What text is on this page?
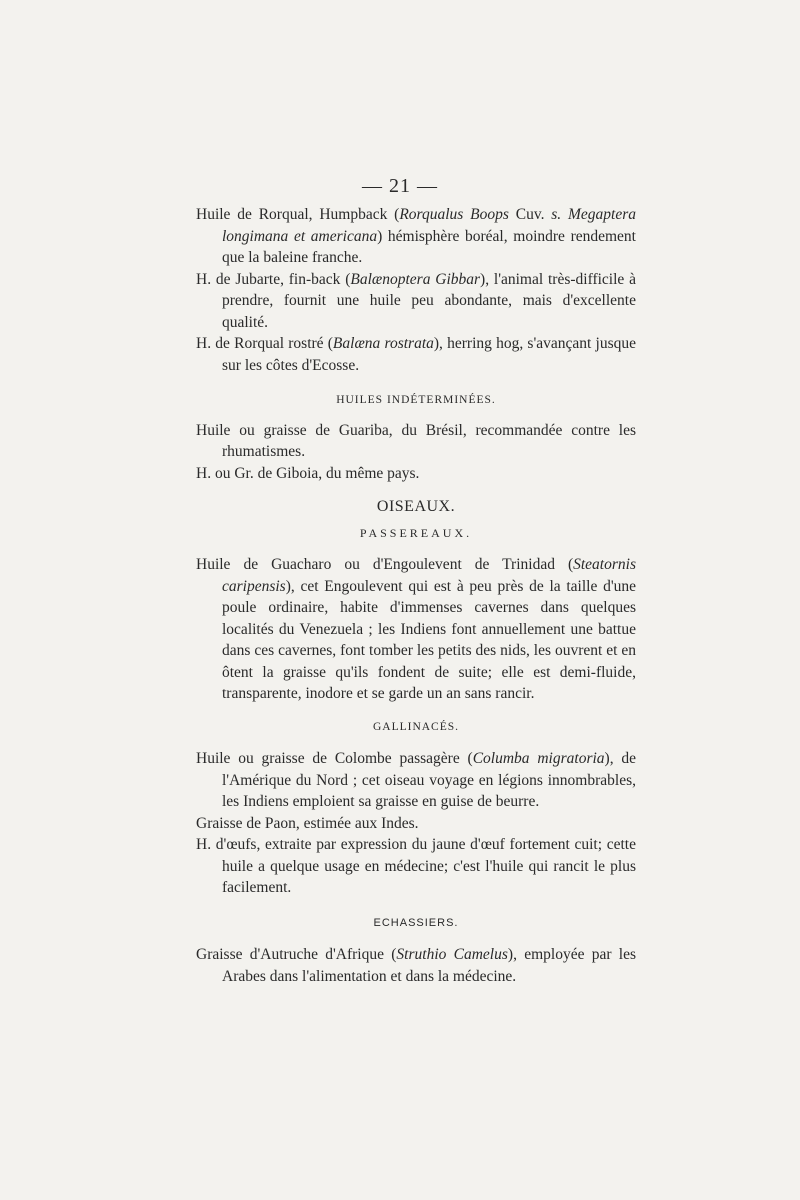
— 21 —

Huile de Rorqual, Humpback (Rorqualus Boops Cuv. s. Megaptera longimana et americana) hémisphère boréal, moindre rendement que la baleine franche.

H. de Jubarte, fin-back (Balænoptera Gibbar), l'animal très-difficile à prendre, fournit une huile peu abondante, mais d'excellente qualité.

H. de Rorqual rostré (Balæna rostrata), herring hog, s'avançant jusque sur les côtes d'Ecosse.

HUILES INDÉTERMINÉES.

Huile ou graisse de Guariba, du Brésil, recommandée contre les rhumatismes.

H. ou Gr. de Giboia, du même pays.

OISEAUX.

PASSEREAUX.

Huile de Guacharo ou d'Engoulevent de Trinidad (Steatornis caripensis), cet Engoulevent qui est à peu près de la taille d'une poule ordinaire, habite d'immenses cavernes dans quelques localités du Venezuela ; les Indiens font annuellement une battue dans ces cavernes, font tomber les petits des nids, les ouvrent et en ôtent la graisse qu'ils fondent de suite; elle est demi-fluide, transparente, inodore et se garde un an sans rancir.

GALLINACÉS.

Huile ou graisse de Colombe passagère (Columba migratoria), de l'Amérique du Nord ; cet oiseau voyage en légions innombrables, les Indiens emploient sa graisse en guise de beurre.

Graisse de Paon, estimée aux Indes.

H. d'œufs, extraite par expression du jaune d'œuf fortement cuit; cette huile a quelque usage en médecine; c'est l'huile qui rancit le plus facilement.

ECHASSIERS.

Graisse d'Autruche d'Afrique (Struthio Camelus), employée par les Arabes dans l'alimentation et dans la médecine.
